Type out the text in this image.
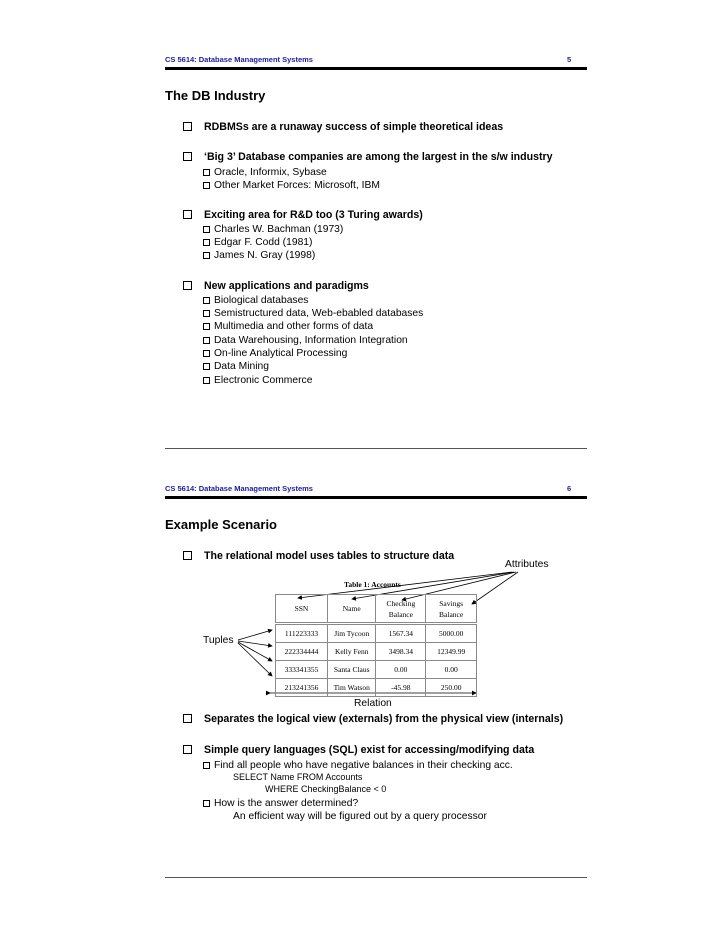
CS 5614: Database Management Systems	5
The DB Industry
RDBMSs are a runaway success of simple theoretical ideas
‘Big 3’ Database companies are among the largest in the s/w industry
Oracle, Informix, Sybase
Other Market Forces: Microsoft, IBM
Exciting area for R&D too (3 Turing awards)
Charles W. Bachman (1973)
Edgar F. Codd (1981)
James N. Gray (1998)
New applications and paradigms
Biological databases
Semistructured data, Web-ebabled databases
Multimedia and other forms of data
Data Warehousing, Information Integration
On-line Analytical Processing
Data Mining
Electronic Commerce
CS 5614: Database Management Systems	6
Example Scenario
The relational model uses tables to structure data
Attributes
Table 1: Accounts
SSN	Name	Checking Balance	Savings Balance
111223333	Jim Tycoon	1567.34	5000.00
222334444	Kelly Fenn	3498.34	12349.99
333341355	Santa Claus	0.00	0.00
213241356	Tim Watson	-45.98	250.00
Tuples
Relation
Separates the logical view (externals) from the physical view (internals)
Simple query languages (SQL) exist for accessing/modifying data
Find all people who have negative balances in their checking acc.
SELECT Name FROM Accounts
WHERE CheckingBalance < 0
How is the answer determined?
An efficient way will be figured out by a query processor
